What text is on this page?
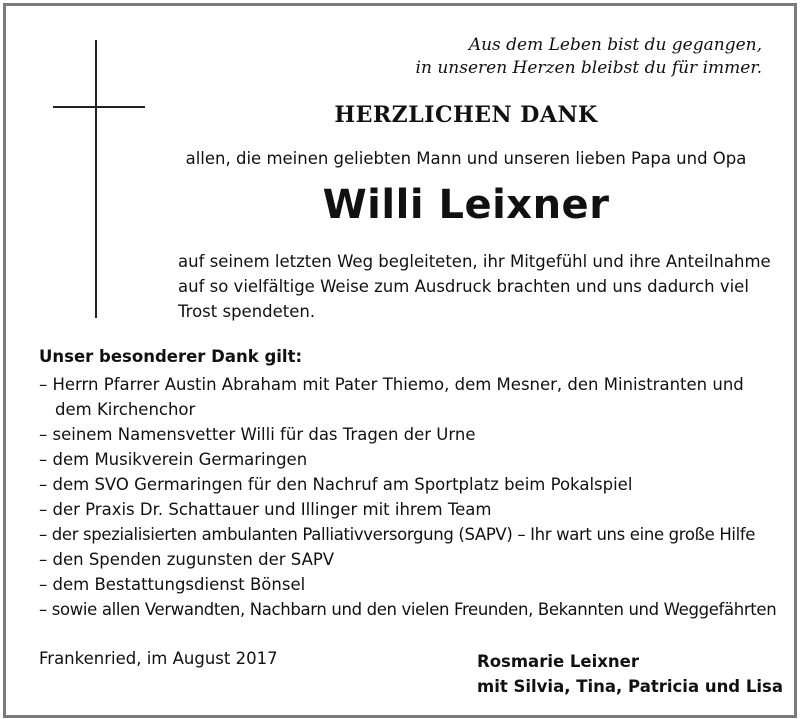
Aus dem Leben bist du gegangen,
in unseren Herzen bleibst du für immer.
HERZLICHEN DANK
allen, die meinen geliebten Mann und unseren lieben Papa und Opa
Willi Leixner

auf seinem letzten Weg begleiteten, ihr Mitgefühl und ihre Anteilnahme
auf so vielfältige Weise zum Ausdruck brachten und uns dadurch viel
Trost spendeten.

Unser besonderer Dank gilt:
– Herrn Pfarrer Austin Abraham mit Pater Thiemo, dem Mesner, den Ministranten und dem Kirchenchor
– seinem Namensvetter Willi für das Tragen der Urne
– dem Musikverein Germaringen
– dem SVO Germaringen für den Nachruf am Sportplatz beim Pokalspiel
– der Praxis Dr. Schattauer und Illinger mit ihrem Team
– der spezialisierten ambulanten Palliativversorgung (SAPV) – Ihr wart uns eine große Hilfe
– den Spenden zugunsten der SAPV
– dem Bestattungsdienst Bönsel
– sowie allen Verwandten, Nachbarn und den vielen Freunden, Bekannten und Weggefährten
Frankenried, im August 2017	Rosmarie Leixner
mit Silvia, Tina, Patricia und Lisa
